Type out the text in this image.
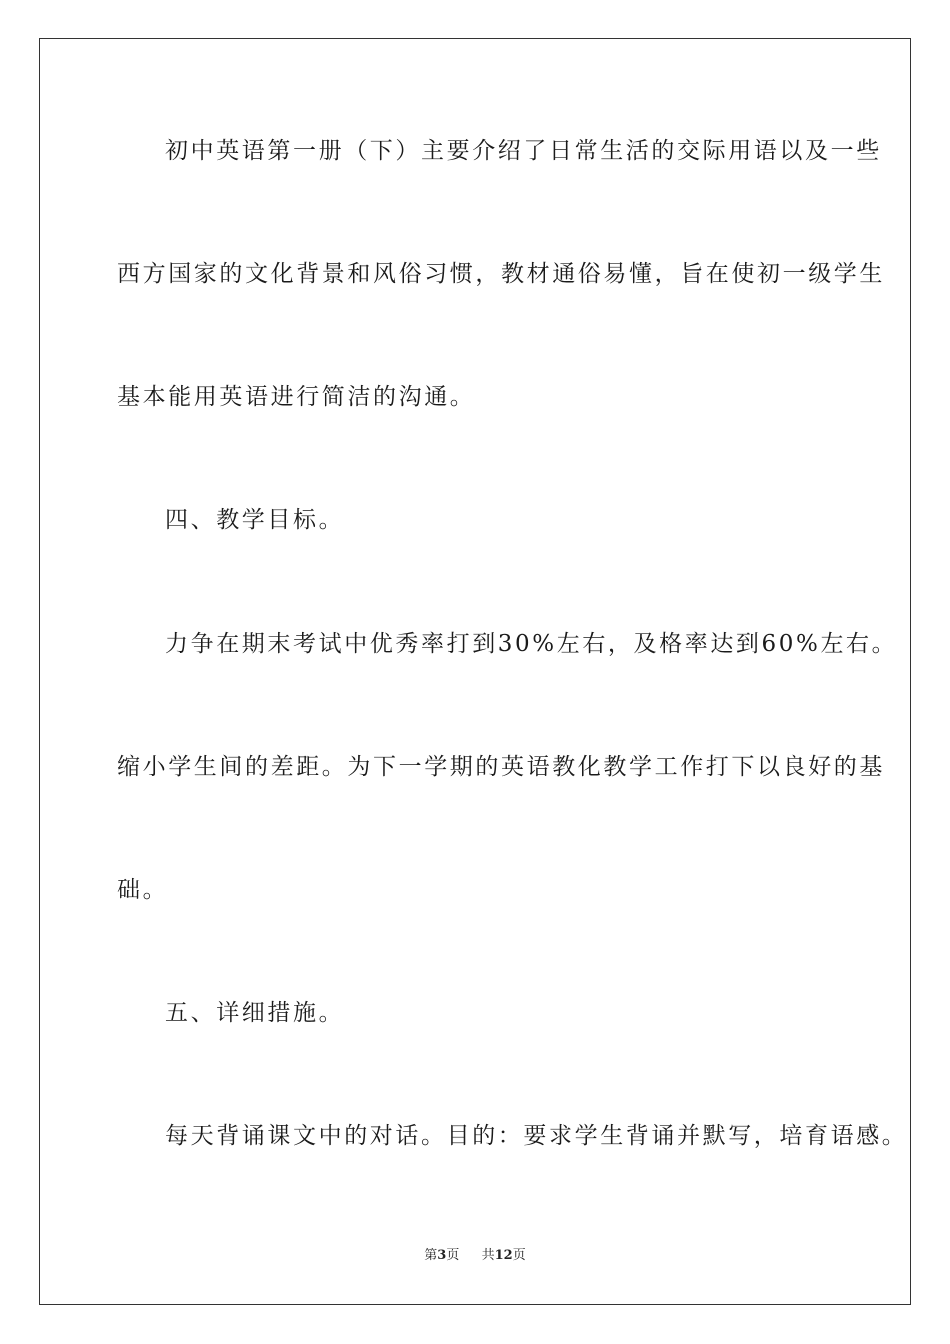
初中英语第一册（下）主要介绍了日常生活的交际用语以及一些
西方国家的文化背景和风俗习惯，教材通俗易懂，旨在使初一级学生
基本能用英语进行简洁的沟通。
四、教学目标。
力争在期末考试中优秀率打到30%左右，及格率达到60%左右。
缩小学生间的差距。为下一学期的英语教化教学工作打下以良好的基
础。
五、详细措施。
每天背诵课文中的对话。目的：要求学生背诵并默写，培育语感。
第3页 共12页
